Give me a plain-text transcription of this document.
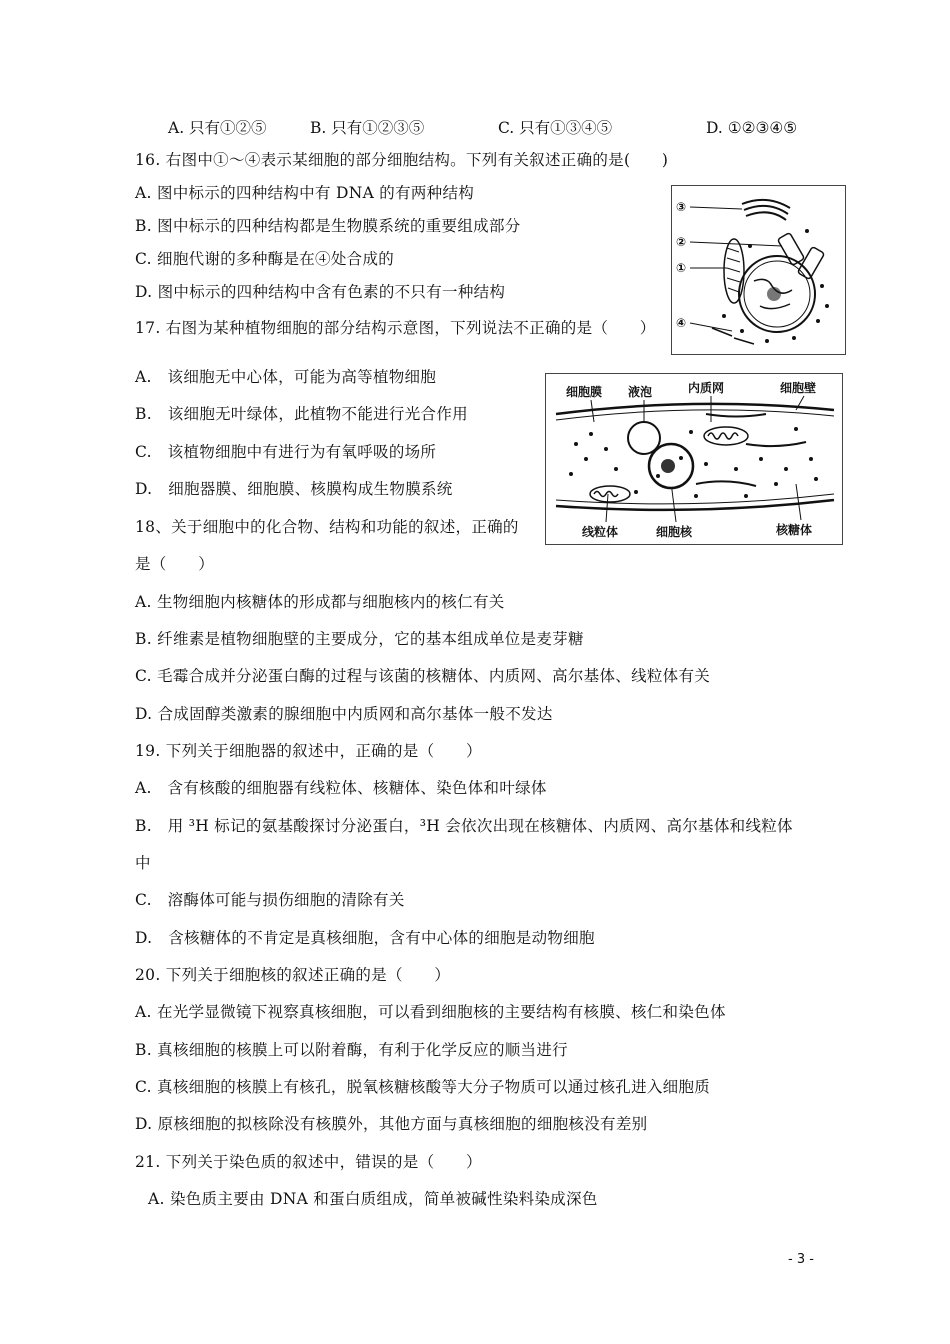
A. 只有①②⑤	B. 只有①②③⑤	C. 只有①③④⑤	D. ①②③④⑤
16. 右图中①～④表示某细胞的部分细胞结构。下列有关叙述正确的是(　　)
A. 图中标示的四种结构中有 DNA 的有两种结构
B. 图中标示的四种结构都是生物膜系统的重要组成部分
C. 细胞代谢的多种酶是在④处合成的
D. 图中标示的四种结构中含有色素的不只有一种结构
③
②
①
④
17. 右图为某种植物细胞的部分结构示意图，下列说法不正确的是（　　）
A.　该细胞无中心体，可能为高等植物细胞
B.　该细胞无叶绿体，此植物不能进行光合作用
C.　该植物细胞中有进行为有氧呼吸的场所
D.　细胞器膜、细胞膜、核膜构成生物膜系统
细胞膜 液泡	内质网	细胞壁
线粒体	细胞核	核糖体
18、关于细胞中的化合物、结构和功能的叙述，正确的
是（　　）
A. 生物细胞内核糖体的形成都与细胞核内的核仁有关
B. 纤维素是植物细胞壁的主要成分，它的基本组成单位是麦芽糖
C. 毛霉合成并分泌蛋白酶的过程与该菌的核糖体、内质网、高尔基体、线粒体有关
D. 合成固醇类激素的腺细胞中内质网和高尔基体一般不发达
19. 下列关于细胞器的叙述中，正确的是（　　）
A.　含有核酸的细胞器有线粒体、核糖体、染色体和叶绿体
B.　用 ³H 标记的氨基酸探讨分泌蛋白，³H 会依次出现在核糖体、内质网、高尔基体和线粒体
中
C.　溶酶体可能与损伤细胞的清除有关
D.　含核糖体的不肯定是真核细胞，含有中心体的细胞是动物细胞
20. 下列关于细胞核的叙述正确的是（　　）
A. 在光学显微镜下视察真核细胞，可以看到细胞核的主要结构有核膜、核仁和染色体
B. 真核细胞的核膜上可以附着酶，有利于化学反应的顺当进行
C. 真核细胞的核膜上有核孔，脱氧核糖核酸等大分子物质可以通过核孔进入细胞质
D. 原核细胞的拟核除没有核膜外，其他方面与真核细胞的细胞核没有差别
21. 下列关于染色质的叙述中，错误的是（　　）
A. 染色质主要由 DNA 和蛋白质组成，简单被碱性染料染成深色
- 3 -
